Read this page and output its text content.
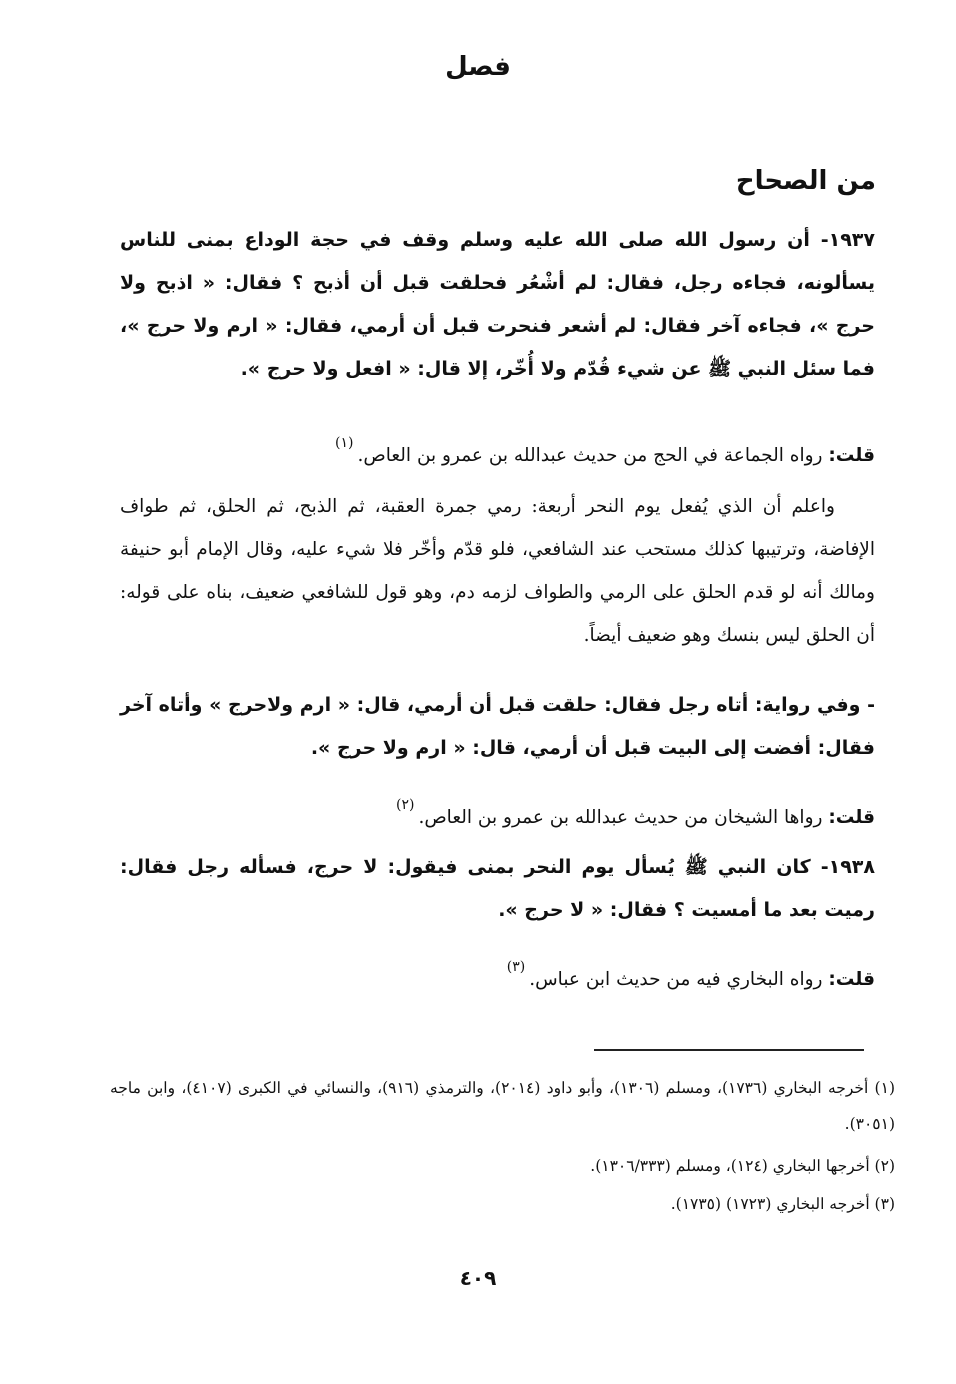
فصل
من الصحاح
١٩٣٧- أن رسول الله صلى الله عليه وسلم وقف في حجة الوداع بمنى للناس يسألونه، فجاءه رجل، فقال: لم أشْعُر فحلقت قبل أن أذبح ؟ فقال: « اذبح ولا حرج »، فجاءه آخر فقال: لم أشعر فنحرت قبل أن أرمي، فقال: « ارم ولا حرج »، فما سئل النبي ﷺ عن شيء قُدّم ولا أُخّر، إلا قال: « افعل ولا حرج ».
قلت: رواه الجماعة في الحج من حديث عبدالله بن عمرو بن العاص.$^{(١)}$
واعلم أن الذي يُفعل يوم النحر أربعة: رمي جمرة العقبة، ثم الذبح، ثم الحلق، ثم طواف الإفاضة، وترتيبها كذلك مستحب عند الشافعي، فلو قدّم وأخّر فلا شيء عليه، وقال الإمام أبو حنيفة ومالك أنه لو قدم الحلق على الرمي والطواف لزمه دم، وهو قول للشافعي ضعيف، بناه على قوله: أن الحلق ليس بنسك وهو ضعيف أيضاً.
- وفي رواية: أتاه رجل فقال: حلقت قبل أن أرمي، قال: « ارم ولاحرج » وأتاه آخر فقال: أفضت إلى البيت قبل أن أرمي، قال: « ارم ولا حرج ».
قلت: رواها الشيخان من حديث عبدالله بن عمرو بن العاص.$^{(٢)}$
١٩٣٨- كان النبي ﷺ يُسأل يوم النحر بمنى فيقول: لا حرج، فسأله رجل فقال: رميت بعد ما أمسيت ؟ فقال: « لا حرج ».
قلت: رواه البخاري فيه من حديث ابن عباس.$^{(٣)}$
(١) أخرجه البخاري (١٧٣٦)، ومسلم (١٣٠٦)، وأبو داود (٢٠١٤)، والترمذي (٩١٦)، والنسائي في الكبرى (٤١٠٧)، وابن ماجه (٣٠٥١).
(٢) أخرجها البخاري (١٢٤)، ومسلم (١٣٠٦/٣٣٣).
(٣) أخرجه البخاري (١٧٢٣) (١٧٣٥).
٤٠٩
